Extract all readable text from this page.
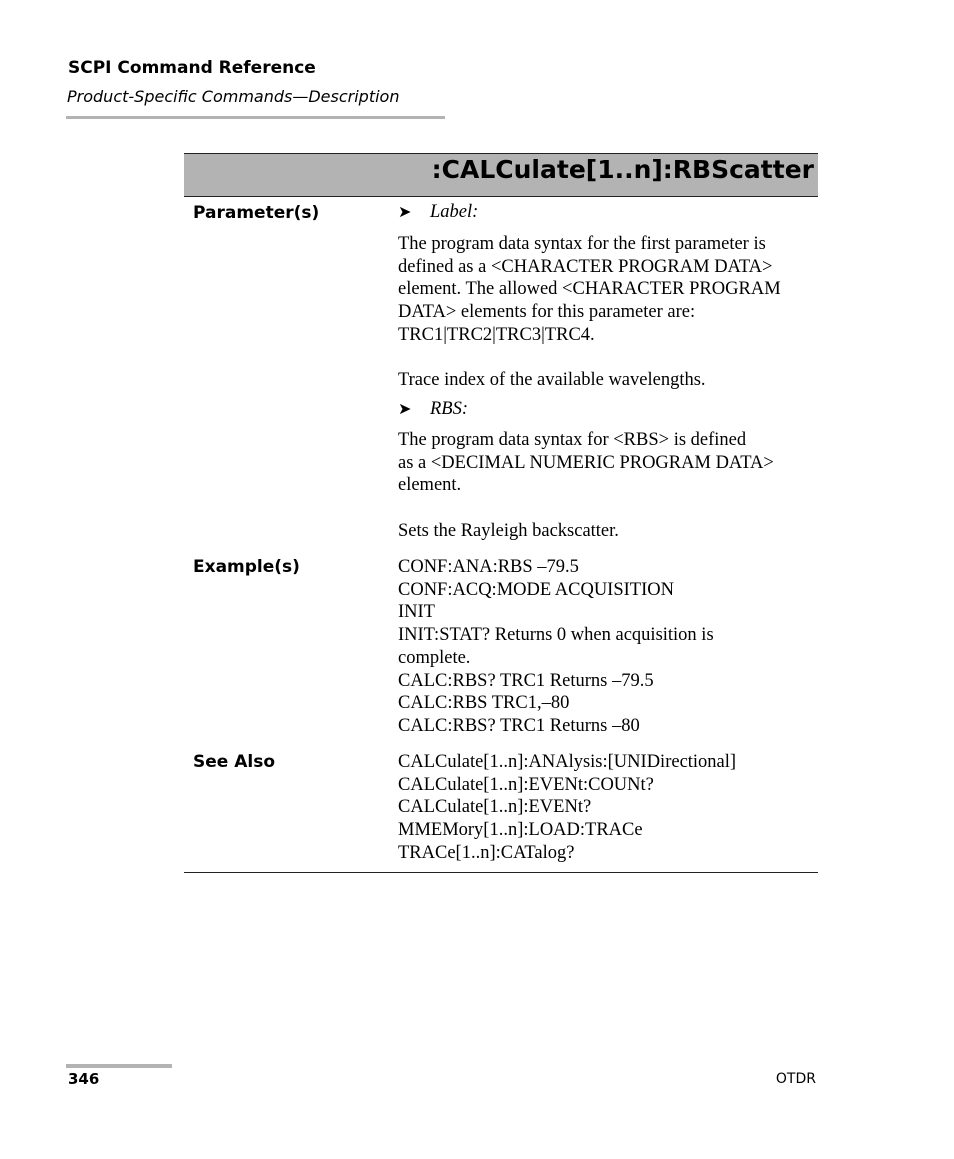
SCPI Command Reference
Product-Specific Commands—Description
:CALCulate[1..n]:RBScatter
Parameter(s)	➤ Label:
The program data syntax for the first parameter is
defined as a <CHARACTER PROGRAM DATA>
element. The allowed <CHARACTER PROGRAM
DATA> elements for this parameter are:
TRC1|TRC2|TRC3|TRC4.
Trace index of the available wavelengths.
➤ RBS:
The program data syntax for <RBS> is defined
as a <DECIMAL NUMERIC PROGRAM DATA>
element.
Sets the Rayleigh backscatter.
Example(s)	CONF:ANA:RBS –79.5
CONF:ACQ:MODE ACQUISITION
INIT
INIT:STAT? Returns 0 when acquisition is
complete.
CALC:RBS? TRC1 Returns –79.5
CALC:RBS TRC1,–80
CALC:RBS? TRC1 Returns –80
See Also	CALCulate[1..n]:ANAlysis:[UNIDirectional]
CALCulate[1..n]:EVENt:COUNt?
CALCulate[1..n]:EVENt?
MMEMory[1..n]:LOAD:TRACe
TRACe[1..n]:CATalog?
346	OTDR
